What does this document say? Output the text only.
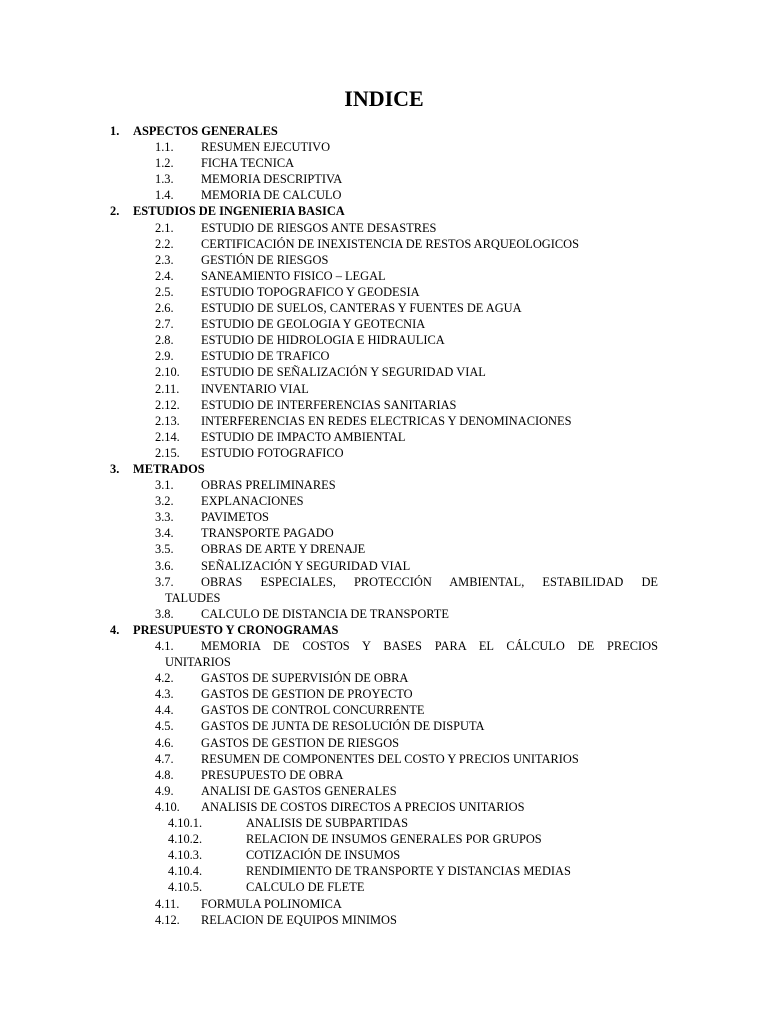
INDICE
1. ASPECTOS GENERALES
1.1. RESUMEN EJECUTIVO
1.2. FICHA TECNICA
1.3. MEMORIA DESCRIPTIVA
1.4. MEMORIA DE CALCULO
2. ESTUDIOS DE INGENIERIA BASICA
2.1. ESTUDIO DE RIESGOS ANTE DESASTRES
2.2. CERTIFICACIÓN DE INEXISTENCIA DE RESTOS ARQUEOLOGICOS
2.3. GESTIÓN DE RIESGOS
2.4. SANEAMIENTO FISICO – LEGAL
2.5. ESTUDIO TOPOGRAFICO Y GEODESIA
2.6. ESTUDIO DE SUELOS, CANTERAS Y FUENTES DE AGUA
2.7. ESTUDIO DE GEOLOGIA Y GEOTECNIA
2.8. ESTUDIO DE HIDROLOGIA E HIDRAULICA
2.9. ESTUDIO DE TRAFICO
2.10. ESTUDIO DE SEÑALIZACIÓN Y SEGURIDAD VIAL
2.11. INVENTARIO VIAL
2.12. ESTUDIO DE INTERFERENCIAS SANITARIAS
2.13. INTERFERENCIAS EN REDES ELECTRICAS Y DENOMINACIONES
2.14. ESTUDIO DE IMPACTO AMBIENTAL
2.15. ESTUDIO FOTOGRAFICO
3. METRADOS
3.1. OBRAS PRELIMINARES
3.2. EXPLANACIONES
3.3. PAVIMETOS
3.4. TRANSPORTE PAGADO
3.5. OBRAS DE ARTE Y DRENAJE
3.6. SEÑALIZACIÓN Y SEGURIDAD VIAL
3.7. OBRAS ESPECIALES, PROTECCIÓN AMBIENTAL, ESTABILIDAD DE
TALUDES
3.8. CALCULO DE DISTANCIA DE TRANSPORTE
4. PRESUPUESTO Y CRONOGRAMAS
4.1. MEMORIA DE COSTOS Y BASES PARA EL CÁLCULO DE PRECIOS
UNITARIOS
4.2. GASTOS DE SUPERVISIÓN DE OBRA
4.3. GASTOS DE GESTION DE PROYECTO
4.4. GASTOS DE CONTROL CONCURRENTE
4.5. GASTOS DE JUNTA DE RESOLUCIÓN DE DISPUTA
4.6. GASTOS DE GESTION DE RIESGOS
4.7. RESUMEN DE COMPONENTES DEL COSTO Y PRECIOS UNITARIOS
4.8. PRESUPUESTO DE OBRA
4.9. ANALISI DE GASTOS GENERALES
4.10. ANALISIS DE COSTOS DIRECTOS A PRECIOS UNITARIOS
4.10.1.	ANALISIS DE SUBPARTIDAS
4.10.2.	RELACION DE INSUMOS GENERALES POR GRUPOS
4.10.3.	COTIZACIÓN DE INSUMOS
4.10.4.	RENDIMIENTO DE TRANSPORTE Y DISTANCIAS MEDIAS
4.10.5.	CALCULO DE FLETE
4.11. FORMULA POLINOMICA
4.12. RELACION DE EQUIPOS MINIMOS
